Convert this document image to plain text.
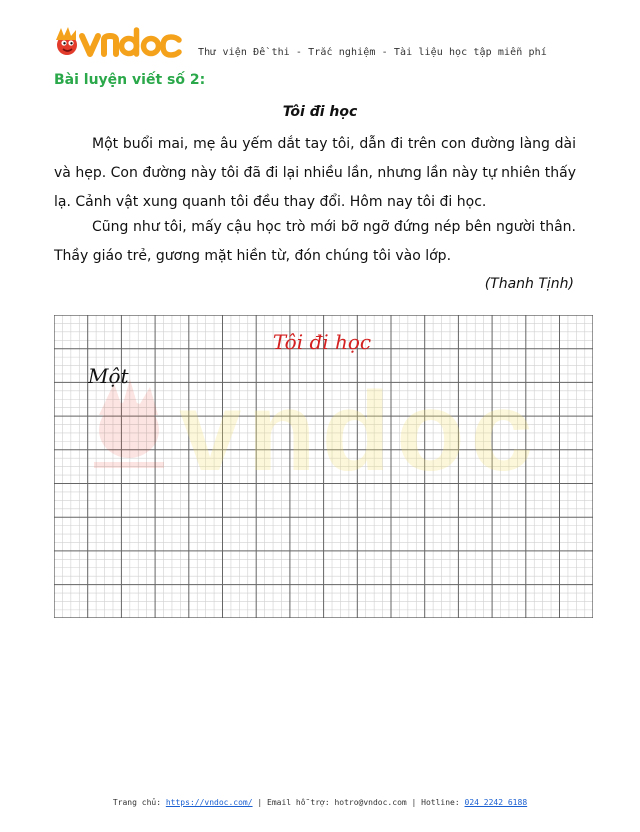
Thư viện Đề thi - Trắc nghiệm - Tài liệu học tập miễn phí
Bài luyện viết số 2:
Tôi đi học

Một buổi mai, mẹ âu yếm dắt tay tôi, dẫn đi trên con đường làng dài và hẹp. Con đường này tôi đã đi lại nhiều lần, nhưng lần này tự nhiên thấy lạ. Cảnh vật xung quanh tôi đều thay đổi. Hôm nay tôi đi học.

Cũng như tôi, mấy cậu học trò mới bỡ ngỡ đứng nép bên người thân. Thầy giáo trẻ, gương mặt hiền từ, đón chúng tôi vào lớp.

(Thanh Tịnh)
vndoc
Tôi đi học
Một
Trang chủ: https://vndoc.com/ | Email hỗ trợ: hotro@vndoc.com | Hotline: 024 2242 6188
